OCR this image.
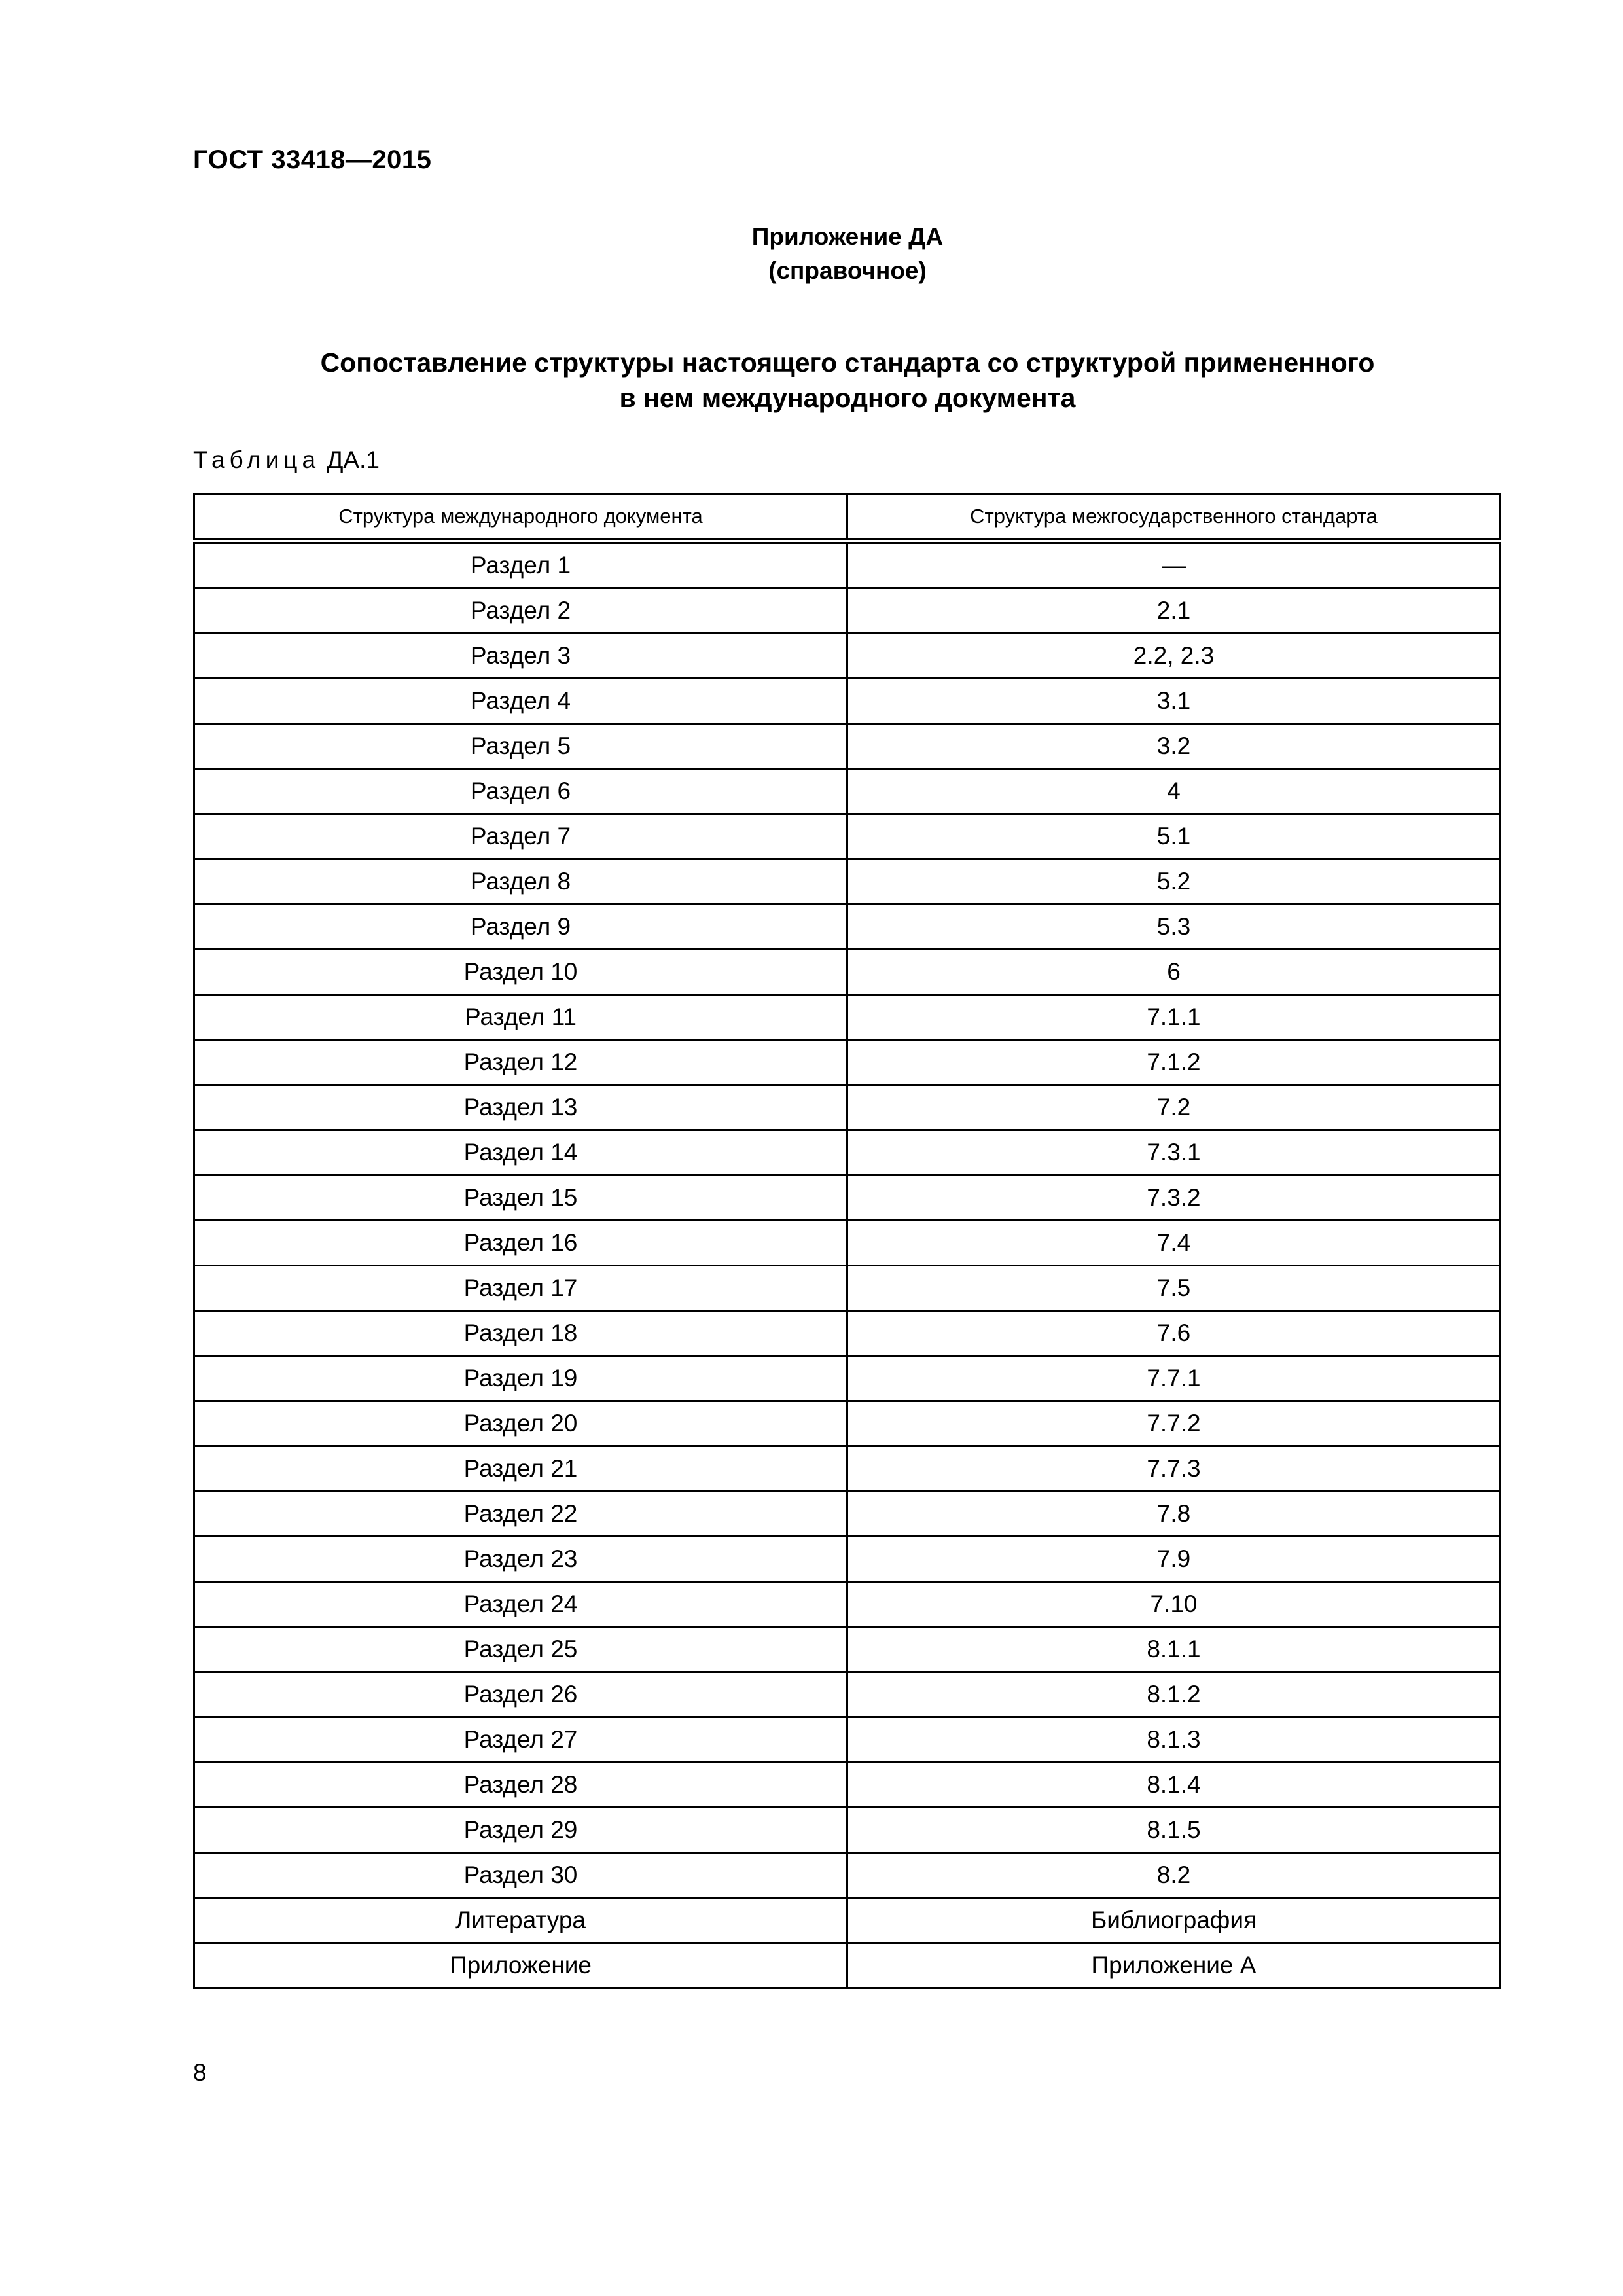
ГОСТ 33418—2015
Приложение ДА
(справочное)
Сопоставление структуры настоящего стандарта со структурой примененного
в нем международного документа
Таблица ДА.1
Структура международного документа	Структура межгосударственного стандарта
Раздел 1	—
Раздел 2	2.1
Раздел 3	2.2, 2.3
Раздел 4	3.1
Раздел 5	3.2
Раздел 6	4
Раздел 7	5.1
Раздел 8	5.2
Раздел 9	5.3
Раздел 10	6
Раздел 11	7.1.1
Раздел 12	7.1.2
Раздел 13	7.2
Раздел 14	7.3.1
Раздел 15	7.3.2
Раздел 16	7.4
Раздел 17	7.5
Раздел 18	7.6
Раздел 19	7.7.1
Раздел 20	7.7.2
Раздел 21	7.7.3
Раздел 22	7.8
Раздел 23	7.9
Раздел 24	7.10
Раздел 25	8.1.1
Раздел 26	8.1.2
Раздел 27	8.1.3
Раздел 28	8.1.4
Раздел 29	8.1.5
Раздел 30	8.2
Литература	Библиография
Приложение	Приложение А
8
